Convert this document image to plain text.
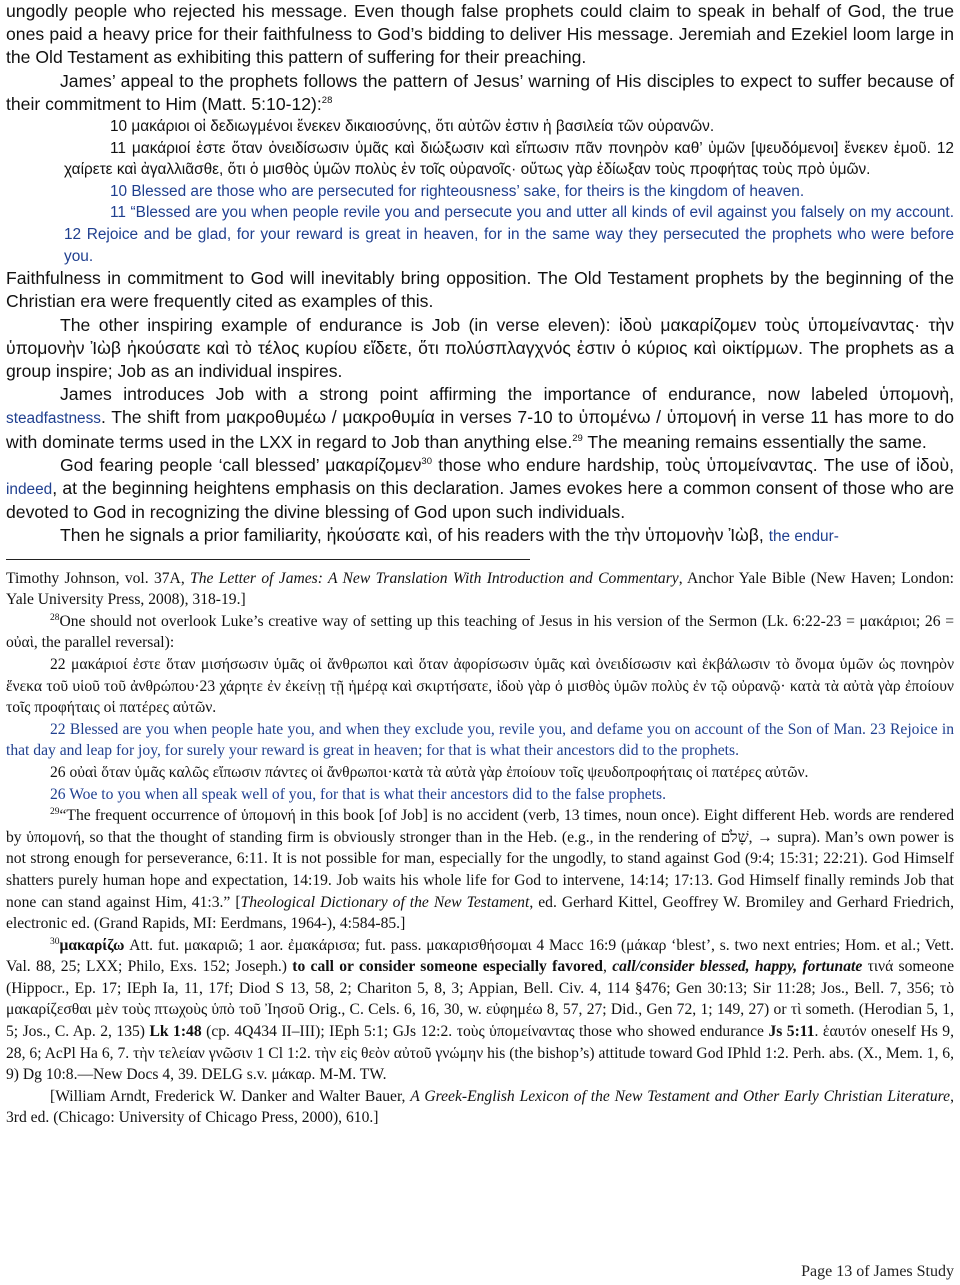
ungodly people who rejected his message. Even though false prophets could claim to speak in behalf of God, the true ones paid a heavy price for their faithfulness to God’s bidding to deliver His message. Jeremiah and Ezekiel loom large in the Old Testament as exhibiting this pattern of suffering for their preaching.

James’ appeal to the prophets follows the pattern of Jesus’ warning of His disciples to expect to suffer because of their commitment to Him (Matt. 5:10-12):$^{28}$

10 μακάριοι οἱ δεδιωγμένοι ἕνεκεν δικαιοσύνης, ὅτι αὐτῶν ἐστιν ἡ βασιλεία τῶν οὐρανῶν.

11 μακάριοί ἐστε ὅταν ὀνειδίσωσιν ὑμᾶς καὶ διώξωσιν καὶ εἴπωσιν πᾶν πονηρὸν καθ’ ὑμῶν [ψευδόμενοι] ἕνεκεν ἐμοῦ. 12 χαίρετε καὶ ἀγαλλιᾶσθε, ὅτι ὁ μισθὸς ὑμῶν πολὺς ἐν τοῖς οὐρανοῖς· οὕτως γὰρ ἐδίωξαν τοὺς προφήτας τοὺς πρὸ ὑμῶν.

10 Blessed are those who are persecuted for righteousness’ sake, for theirs is the kingdom of heaven.

11 “Blessed are you when people revile you and persecute you and utter all kinds of evil against you falsely on my account. 12 Rejoice and be glad, for your reward is great in heaven, for in the same way they persecuted the prophets who were before you.

Faithfulness in commitment to God will inevitably bring opposition. The Old Testament prophets by the beginning of the Christian era were frequently cited as examples of this.

The other inspiring example of endurance is Job (in verse eleven): ἰδοὺ μακαρίζομεν τοὺς ὑπομείναντας· τὴν ὑπομονὴν Ἰὼβ ἠκούσατε καὶ τὸ τέλος κυρίου εἴδετε, ὅτι πολύσπλαγχνός ἐστιν ὁ κύριος καὶ οἰκτίρμων. The prophets as a group inspire; Job as an individual inspires.

James introduces Job with a strong point affirming the importance of endurance, now labeled ὑπομονὴ, steadfastness. The shift from μακροθυμέω / μακροθυμία in verses 7-10 to ὑπομένω / ὑπομονή in verse 11 has more to do with dominate terms used in the LXX in regard to Job than anything else.$^{29}$ The meaning remains essentially the same.

God fearing people ‘call blessed’ μακαρίζομεν$^{30}$ those who endure hardship, τοὺς ὑπομείναντας. The use of ἰδοὺ, indeed, at the beginning heightens emphasis on this declaration. James evokes here a common consent of those who are devoted to God in recognizing the divine blessing of God upon such individuals.

Then he signals a prior familiarity, ἠκούσατε καὶ, of his readers with the τὴν ὑπομονὴν Ἰὼβ, the endur-

Timothy Johnson, vol. 37A, The Letter of James: A New Translation With Introduction and Commentary, Anchor Yale Bible (New Haven; London: Yale University Press, 2008), 318-19.]

$^{28}$One should not overlook Luke’s creative way of setting up this teaching of Jesus in his version of the Sermon (Lk. 6:22-23 = μακάριοι; 26 = οὐαὶ, the parallel reversal):

22 μακάριοί ἐστε ὅταν μισήσωσιν ὑμᾶς οἱ ἄνθρωποι καὶ ὅταν ἀφορίσωσιν ὑμᾶς καὶ ὀνειδίσωσιν καὶ ἐκβάλωσιν τὸ ὄνομα ὑμῶν ὡς πονηρὸν ἕνεκα τοῦ υἱοῦ τοῦ ἀνθρώπου·23 χάρητε ἐν ἐκείνῃ τῇ ἡμέρᾳ καὶ σκιρτήσατε, ἰδοὺ γὰρ ὁ μισθὸς ὑμῶν πολὺς ἐν τῷ οὐρανῷ· κατὰ τὰ αὐτὰ γὰρ ἐποίουν τοῖς προφήταις οἱ πατέρες αὐτῶν.

22 Blessed are you when people hate you, and when they exclude you, revile you, and defame you on account of the Son of Man. 23 Rejoice in that day and leap for joy, for surely your reward is great in heaven; for that is what their ancestors did to the prophets.

26 οὐαὶ ὅταν ὑμᾶς καλῶς εἴπωσιν πάντες οἱ ἄνθρωποι·κατὰ τὰ αὐτὰ γὰρ ἐποίουν τοῖς ψευδοπροφήταις οἱ πατέρες αὐτῶν.

26 Woe to you when all speak well of you, for that is what their ancestors did to the false prophets.

$^{29}$“The frequent occurrence of ὑπομονή in this book [of Job] is no accident (verb, 13 times, noun once). Eight different Heb. words are rendered by ὑπομονή, so that the thought of standing firm is obviously stronger than in the Heb. (e.g., in the rendering of שָׁלֹם, → supra). Man’s own power is not strong enough for perseverance, 6:11. It is not possible for man, especially for the ungodly, to stand against God (9:4; 15:31; 22:21). God Himself shatters purely human hope and expectation, 14:19. Job waits his whole life for God to intervene, 14:14; 17:13. God Himself finally reminds Job that none can stand against Him, 41:3.” [Theological Dictionary of the New Testament, ed. Gerhard Kittel, Geoffrey W. Bromiley and Gerhard Friedrich, electronic ed. (Grand Rapids, MI: Eerdmans, 1964-), 4:584-85.]

$^{30}$μακαρίζω Att. fut. μακαριῶ; 1 aor. ἐμακάρισα; fut. pass. μακαρισθήσομαι 4 Macc 16:9 (μάκαρ ‘blest’, s. two next entries; Hom. et al.; Vett. Val. 88, 25; LXX; Philo, Exs. 152; Joseph.) to call or consider someone especially favored, call/consider blessed, happy, fortunate τινά someone (Hippocr., Ep. 17; IEph Ia, 11, 17f; Diod S 13, 58, 2; Chariton 5, 8, 3; Appian, Bell. Civ. 4, 114 §476; Gen 30:13; Sir 11:28; Jos., Bell. 7, 356; τὸ μακαρίζεσθαι μὲν τοὺς πτωχοὺς ὑπὸ τοῦ Ἰησοῦ Orig., C. Cels. 6, 16, 30, w. εὐφημέω 8, 57, 27; Did., Gen 72, 1; 149, 27) or τὶ someth. (Herodian 5, 1, 5; Jos., C. Ap. 2, 135) Lk 1:48 (cp. 4Q434 II–III); IEph 5:1; GJs 12:2. τοὺς ὑπομείναντας those who showed endurance Js 5:11. ἑαυτόν oneself Hs 9, 28, 6; AcPl Ha 6, 7. τὴν τελείαν γνῶσιν 1 Cl 1:2. τὴν εἰς θεὸν αὐτοῦ γνώμην his (the bishop’s) attitude toward God IPhld 1:2. Perh. abs. (X., Mem. 1, 6, 9) Dg 10:8.—New Docs 4, 39. DELG s.v. μάκαρ. M-M. TW.

[William Arndt, Frederick W. Danker and Walter Bauer, A Greek-English Lexicon of the New Testament and Other Early Christian Literature, 3rd ed. (Chicago: University of Chicago Press, 2000), 610.]

Page 13 of James Study
